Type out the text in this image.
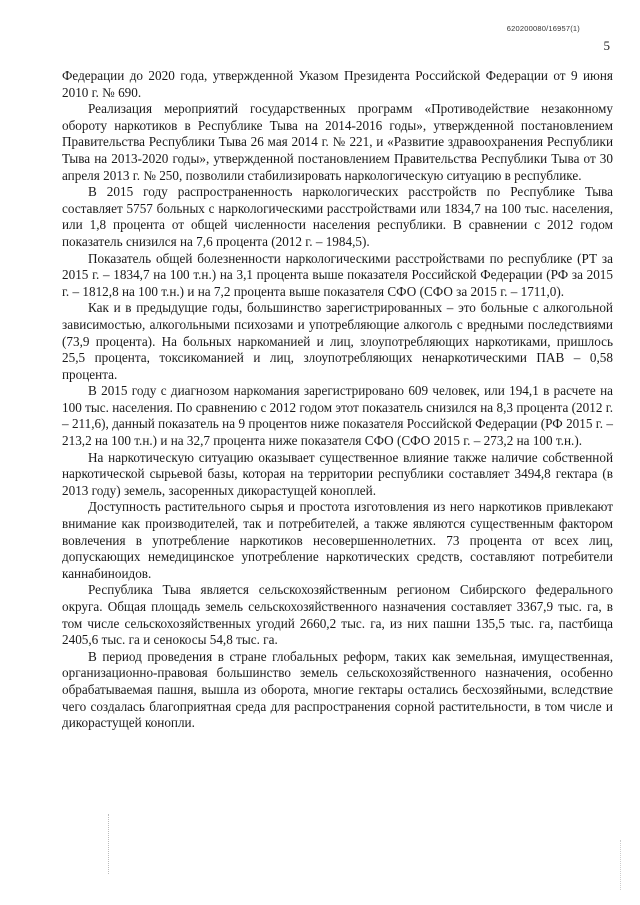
620200080/16957(1)
5

Федерации до 2020 года, утвержденной Указом Президента Российской Федерации от 9 июня 2010 г. № 690.

Реализация мероприятий государственных программ «Противодействие незаконному обороту наркотиков в Республике Тыва на 2014-2016 годы», утвержденной постановлением Правительства Республики Тыва 26 мая 2014 г. № 221, и «Развитие здравоохранения Республики Тыва на 2013-2020 годы», утвержденной постановлением Правительства Республики Тыва от 30 апреля 2013 г. № 250, позволили стабилизировать наркологическую ситуацию в республике.

В 2015 году распространенность наркологических расстройств по Республике Тыва составляет 5757 больных с наркологическими расстройствами или 1834,7 на 100 тыс. населения, или 1,8 процента от общей численности населения республики. В сравнении с 2012 годом показатель снизился на 7,6 процента (2012 г. – 1984,5).

Показатель общей болезненности наркологическими расстройствами по республике (РТ за 2015 г. – 1834,7 на 100 т.н.) на 3,1 процента выше показателя Российской Федерации (РФ за 2015 г. – 1812,8 на 100 т.н.) и на 7,2 процента выше показателя СФО (СФО за 2015 г. – 1711,0).

Как и в предыдущие годы, большинство зарегистрированных – это больные с алкогольной зависимостью, алкогольными психозами и употребляющие алкоголь с вредными последствиями (73,9 процента). На больных наркоманией и лиц, злоупотребляющих наркотиками, пришлось 25,5 процента, токсикоманией и лиц, злоупотребляющих ненаркотическими ПАВ – 0,58 процента.

В 2015 году с диагнозом наркомания зарегистрировано 609 человек, или 194,1 в расчете на 100 тыс. населения. По сравнению с 2012 годом этот показатель снизился на 8,3 процента (2012 г. – 211,6), данный показатель на 9 процентов ниже показателя Российской Федерации (РФ 2015 г. – 213,2 на 100 т.н.) и на 32,7 процента ниже показателя СФО (СФО 2015 г. – 273,2 на 100 т.н.).

На наркотическую ситуацию оказывает существенное влияние также наличие собственной наркотической сырьевой базы, которая на территории республики составляет 3494,8 гектара (в 2013 году) земель, засоренных дикорастущей коноплей.

Доступность растительного сырья и простота изготовления из него наркотиков привлекают внимание как производителей, так и потребителей, а также являются существенным фактором вовлечения в употребление наркотиков несовершеннолетних. 73 процента от всех лиц, допускающих немедицинское употребление наркотических средств, составляют потребители каннабиноидов.

Республика Тыва является сельскохозяйственным регионом Сибирского федерального округа. Общая площадь земель сельскохозяйственного назначения составляет 3367,9 тыс. га, в том числе сельскохозяйственных угодий 2660,2 тыс. га, из них пашни 135,5 тыс. га, пастбища 2405,6 тыс. га и сенокосы 54,8 тыс. га.

В период проведения в стране глобальных реформ, таких как земельная, имущественная, организационно-правовая большинство земель сельскохозяйственного назначения, особенно обрабатываемая пашня, вышла из оборота, многие гектары остались бесхозяйными, вследствие чего создалась благоприятная среда для распространения сорной растительности, в том числе и дикорастущей конопли.
